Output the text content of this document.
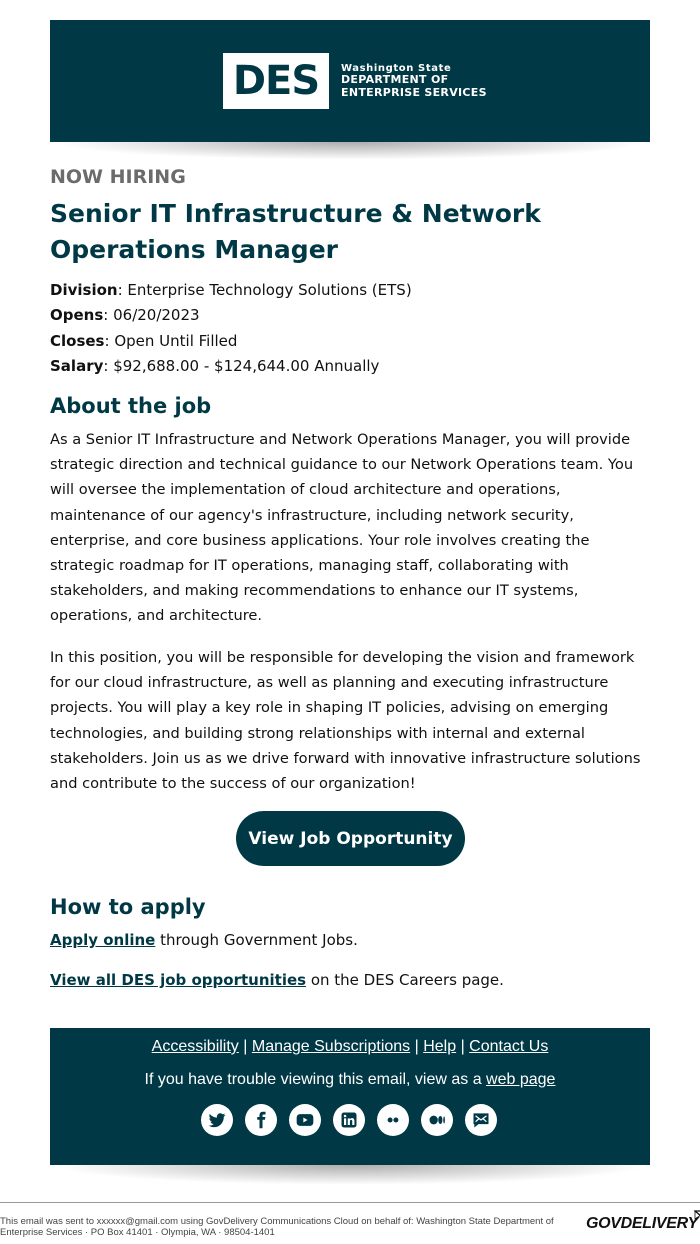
DES	Washington State
DEPARTMENT OF
ENTERPRISE SERVICES
NOW HIRING
Senior IT Infrastructure & Network Operations Manager
Division: Enterprise Technology Solutions (ETS)
Opens: 06/20/2023
Closes: Open Until Filled
Salary: $92,688.00 - $124,644.00 Annually
About the job
As a Senior IT Infrastructure and Network Operations Manager, you will provide strategic direction and technical guidance to our Network Operations team. You will oversee the implementation of cloud architecture and operations, maintenance of our agency's infrastructure, including network security, enterprise, and core business applications. Your role involves creating the strategic roadmap for IT operations, managing staff, collaborating with stakeholders, and making recommendations to enhance our IT systems, operations, and architecture.
In this position, you will be responsible for developing the vision and framework for our cloud infrastructure, as well as planning and executing infrastructure projects. You will play a key role in shaping IT policies, advising on emerging technologies, and building strong relationships with internal and external stakeholders. Join us as we drive forward with innovative infrastructure solutions and contribute to the success of our organization!
View Job Opportunity
How to apply
Apply online through Government Jobs.
View all DES job opportunities on the DES Careers page.
Accessibility | Manage Subscriptions | Help | Contact Us
If you have trouble viewing this email, view as a web page
This email was sent to xxxxxx@gmail.com using GovDelivery Communications Cloud on behalf of: Washington State Department of Enterprise Services · PO Box 41401 · Olympia, WA · 98504-1401
GOVDELIVERY
